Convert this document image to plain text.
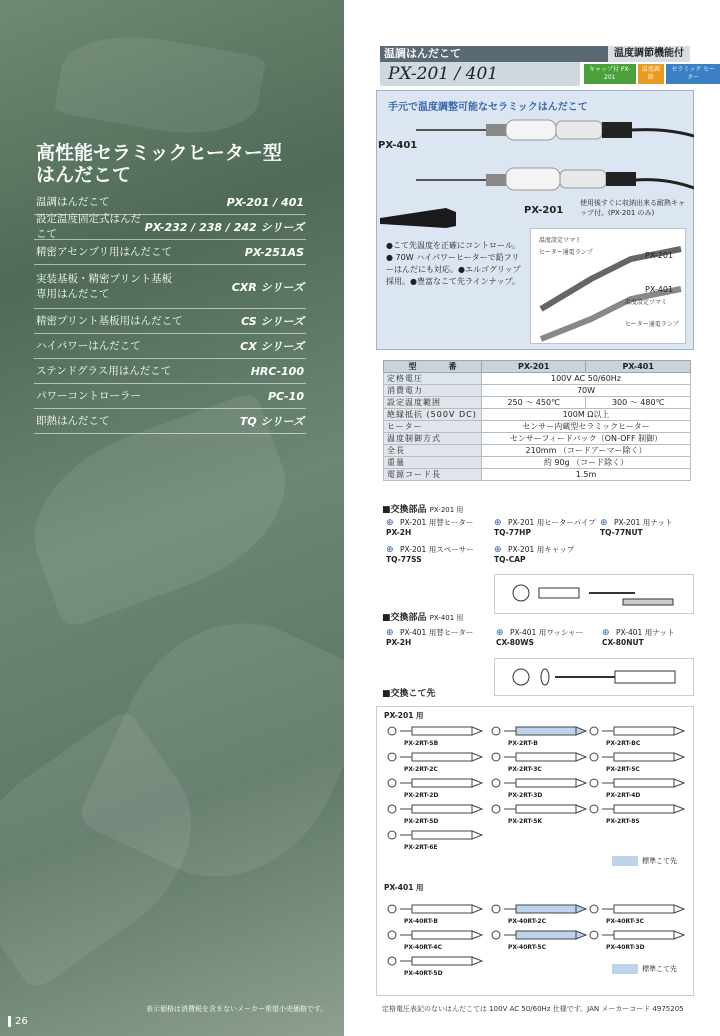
高性能セラミックヒーター型
はんだこて
温調はんだこて	PX-201 / 401
設定温度固定式はんだこて	PX-232 / 238 / 242 シリーズ
精密アセンブリ用はんだこて	PX-251AS
実装基板・精密プリント基板
専用はんだこて	CXR シリーズ
精密プリント基板用はんだこて	CS シリーズ
ハイパワーはんだこて	CX シリーズ
ステンドグラス用はんだこて	HRC-100
パワーコントローラー	PC-10
即熱はんだこて	TQ シリーズ
表示価格は消費税を含まないメーカー希望小売価格です。
26
温調はんだこて	温度調節機能付
PX-201 / 401	キャップ付 PX-201
温度調節
セラミック ヒーター
手元で温度調整可能なセラミックはんだこて
PX-401
PX-201
使用後すぐに収納出来る耐熱キャップ付。(PX-201 のみ)
●こて先温度を正確にコントロール。● 70W ハイパワーヒーターで鉛フリーはんだにも対応。●エルゴグリップ採用。●豊富なこて先ラインナップ。
温度設定ツマミ
ヒーター通電ランプ	PX-201
PX-401
温度設定ツマミ
ヒーター通電ランプ
型　　　　番	PX-201	PX-401
定格電圧	100V AC 50/60Hz	
消費電力	70W	
設定温度範囲	250 ～ 450℃	300 ～ 480℃
絶縁抵抗 (500V DC)	100M Ω以上	
ヒーター	センサー内蔵型セラミックヒーター	
温度制御方式	センサーフィードバック（ON-OFF 制御）	
全長	210mm （コードアーマー除く）	
重量	約 90g （コード除く）	
電源コード長	1.5m	
■交換部品 PX-201 用
⊕ PX-201 用替ヒーター
PX-2H
⊕ PX-201 用ヒーターパイプ
TQ-77HP
⊕ PX-201 用ナット
TQ-77NUT
⊕ PX-201 用スペーサー
TQ-77SS
⊕ PX-201 用キャップ
TQ-CAP
■交換部品 PX-401 用
⊕ PX-401 用替ヒーター
PX-2H
⊕ PX-401 用ワッシャー
CX-80WS
⊕ PX-401 用ナット
CX-80NUT
■交換こて先
PX-201 用
PX-401 用
PX-2RT-SB	PX-2RT-B	PX-2RT-BC
PX-2RT-2C	PX-2RT-3C	PX-2RT-5C
PX-2RT-2D	PX-2RT-3D	PX-2RT-4D
PX-2RT-5D	PX-2RT-5K	PX-2RT-8S
PX-2RT-6E
PX-40RT-B	PX-40RT-2C	PX-40RT-3C
PX-40RT-4C	PX-40RT-5C	PX-40RT-3D
PX-40RT-5D
標準こて先
標準こて先
定格電圧表記のないはんだこては 100V AC 50/60Hz 仕様です。JAN メーカーコード 4975205
